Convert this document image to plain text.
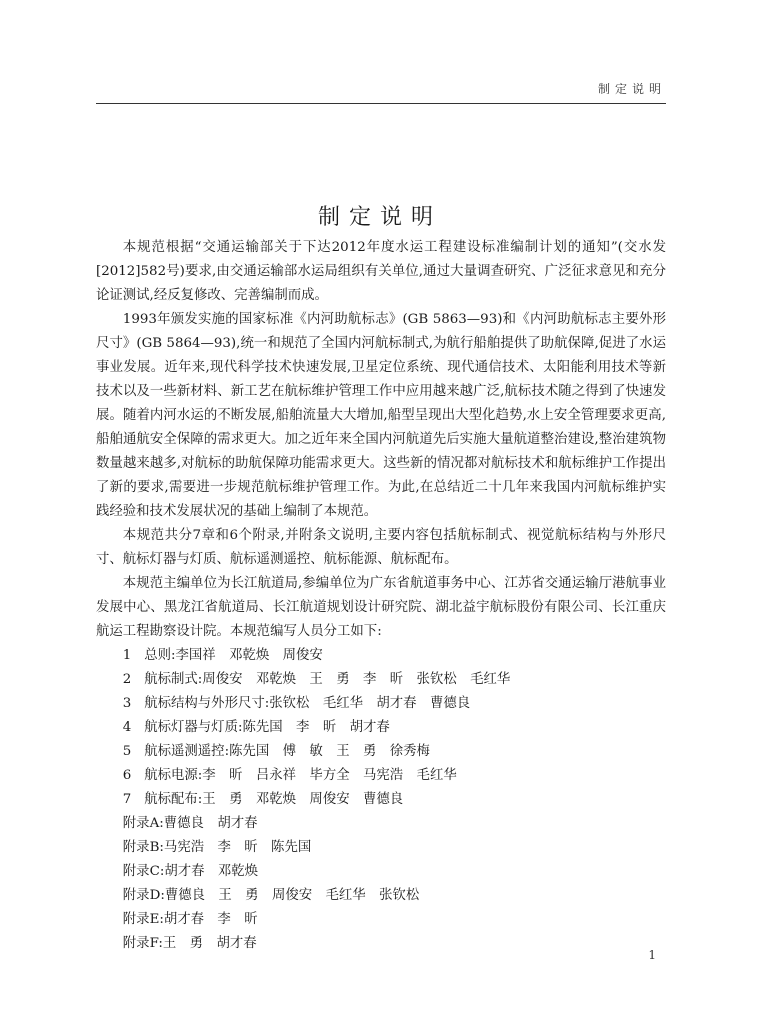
制定说明
制定说明

本规范根据“交通运输部关于下达2012年度水运工程建设标准编制计划的通知”(交水发[2012]582号)要求,由交通运输部水运局组织有关单位,通过大量调查研究、广泛征求意见和充分论证测试,经反复修改、完善编制而成。

1993年颁发实施的国家标准《内河助航标志》(GB 5863—93)和《内河助航标志主要外形尺寸》(GB 5864—93),统一和规范了全国内河航标制式,为航行船舶提供了助航保障,促进了水运事业发展。近年来,现代科学技术快速发展,卫星定位系统、现代通信技术、太阳能利用技术等新技术以及一些新材料、新工艺在航标维护管理工作中应用越来越广泛,航标技术随之得到了快速发展。随着内河水运的不断发展,船舶流量大大增加,船型呈现出大型化趋势,水上安全管理要求更高,船舶通航安全保障的需求更大。加之近年来全国内河航道先后实施大量航道整治建设,整治建筑物数量越来越多,对航标的助航保障功能需求更大。这些新的情况都对航标技术和航标维护工作提出了新的要求,需要进一步规范航标维护管理工作。为此,在总结近二十几年来我国内河航标维护实践经验和技术发展状况的基础上编制了本规范。

本规范共分7章和6个附录,并附条文说明,主要内容包括航标制式、视觉航标结构与外形尺寸、航标灯器与灯质、航标遥测遥控、航标能源、航标配布。

本规范主编单位为长江航道局,参编单位为广东省航道事务中心、江苏省交通运输厅港航事业发展中心、黑龙江省航道局、长江航道规划设计研究院、湖北益宇航标股份有限公司、长江重庆航运工程勘察设计院。本规范编写人员分工如下:

1 总则:李国祥　邓乾焕　周俊安
2 航标制式:周俊安　邓乾焕　王　勇　李　昕　张钦松　毛红华
3 航标结构与外形尺寸:张钦松　毛红华　胡才春　曹德良
4 航标灯器与灯质:陈先国　李　昕　胡才春
5 航标遥测遥控:陈先国　傅　敏　王　勇　徐秀梅
6 航标电源:李　昕　吕永祥　毕方全　马宪浩　毛红华
7 航标配布:王　勇　邓乾焕　周俊安　曹德良
附录A:曹德良　胡才春
附录B:马宪浩　李　昕　陈先国
附录C:胡才春　邓乾焕
附录D:曹德良　王　勇　周俊安　毛红华　张钦松
附录E:胡才春　李　昕
附录F:王　勇　胡才春
1
